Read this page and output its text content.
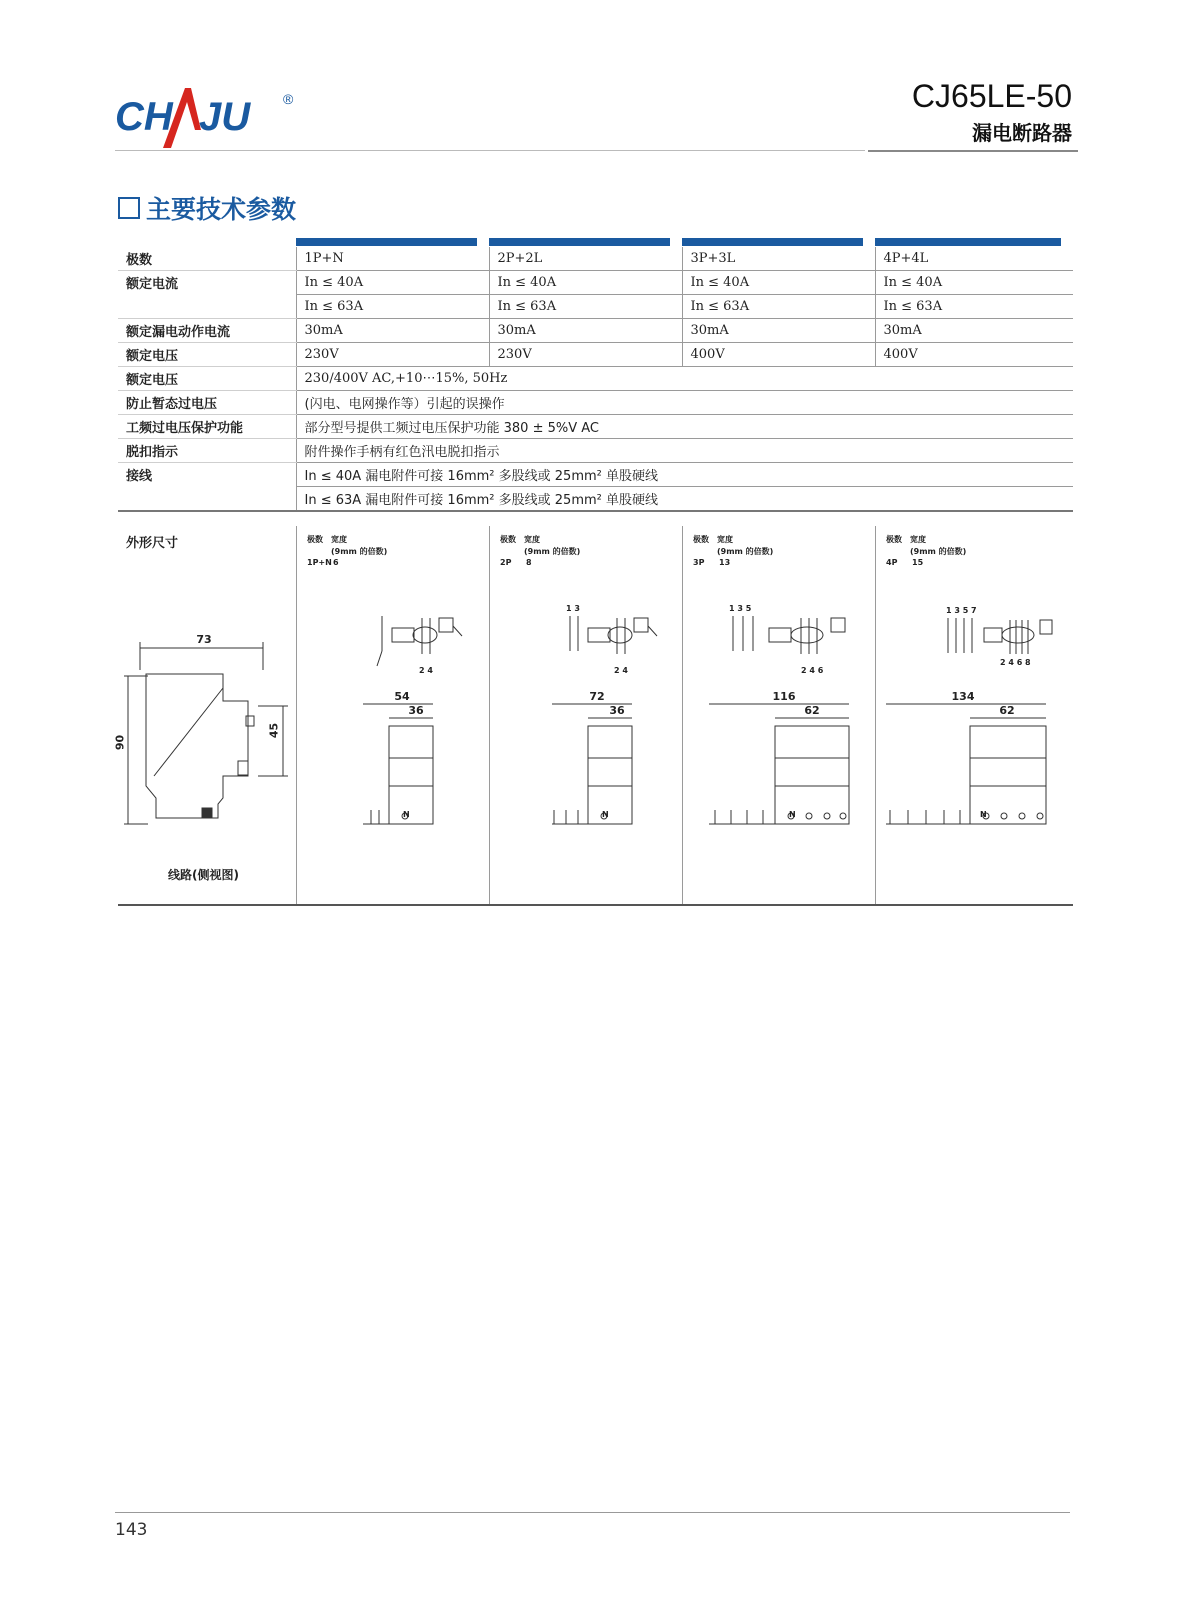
CH JU ®	CJ65LE-50
漏电断路器
主要技术参数

极数	1P+N	2P+2L	3P+3L	4P+4L
额定电流	In ≤ 40A	In ≤ 40A	In ≤ 40A	In ≤ 40A
	In ≤ 63A	In ≤ 63A	In ≤ 63A	In ≤ 63A
额定漏电动作电流	30mA	30mA	30mA	30mA
额定电压	230V	230V	400V	400V
额定电压	230/400V AC,+10⋯15%, 50Hz			
防止暂态过电压	(闪电、电网操作等）引起的误操作			
工频过电压保护功能	部分型号提供工频过电压保护功能 380 ± 5%V AC			
脱扣指示	附件操作手柄有红色汛电脱扣指示			
接线	In ≤ 40A 漏电附件可接 16mm² 多股线或 25mm² 单股硬线			
	In ≤ 63A 漏电附件可接 16mm² 多股线或 25mm² 单股硬线			
外形尺寸
73
90
45
线路(侧视图)
极数 宽度
(9mm 的倍数)
1P+N 6
2 4
54
36
N
极数 宽度
(9mm 的倍数)
2P 8
1 3
2 4
72
36
N
极数 宽度
(9mm 的倍数)
3P 13
1 3 5
2 4 6
116
62
N
极数 宽度
(9mm 的倍数)
4P 15
1 3 5 7
2 4 6 8
134
62
N
143
